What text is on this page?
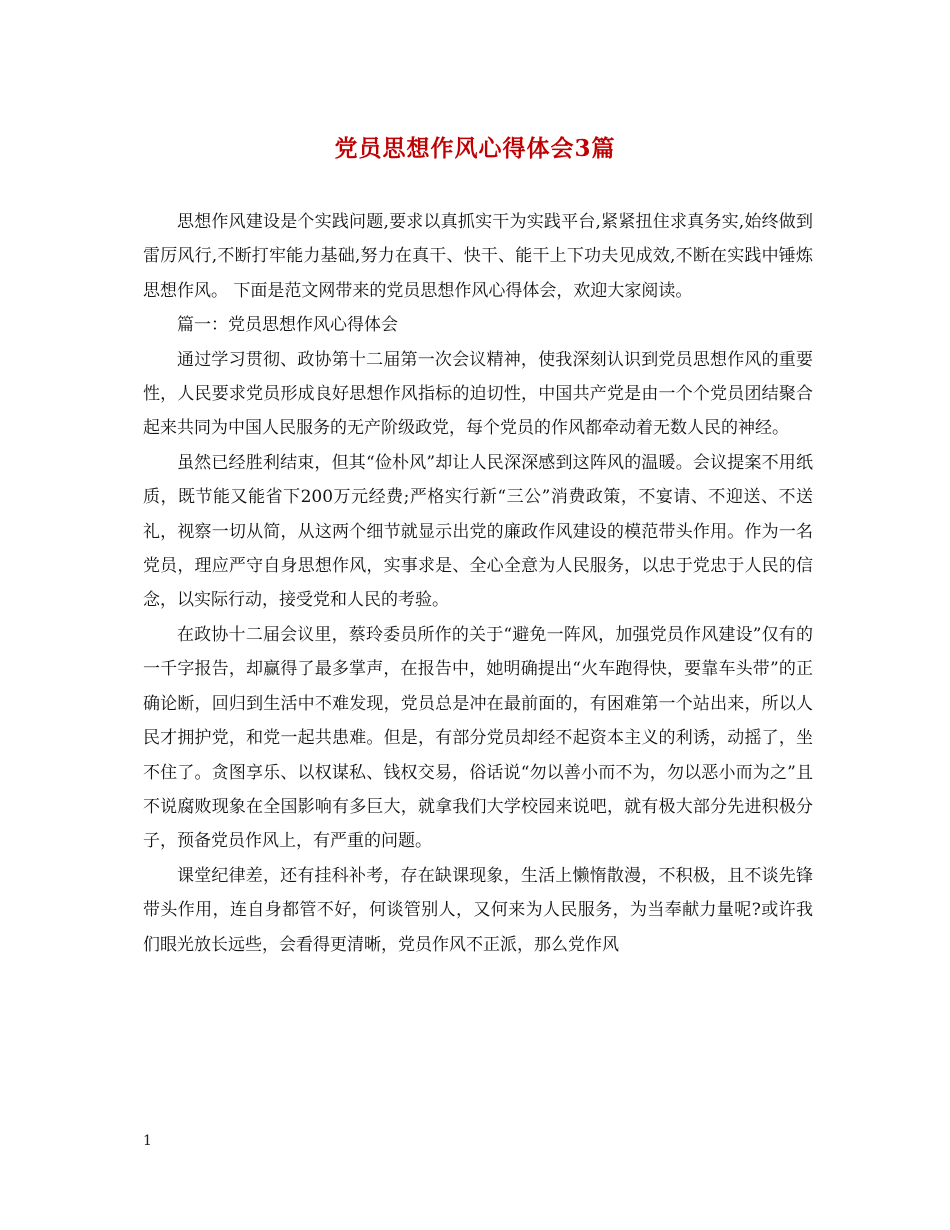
党员思想作风心得体会3篇

思想作风建设是个实践问题,要求以真抓实干为实践平台,紧紧扭住求真务实,始终做到雷厉风行,不断打牢能力基础,努力在真干、快干、能干上下功夫见成效,不断在实践中锤炼思想作风。 下面是范文网带来的党员思想作风心得体会，欢迎大家阅读。

篇一：党员思想作风心得体会

通过学习贯彻、政协第十二届第一次会议精神，使我深刻认识到党员思想作风的重要性，人民要求党员形成良好思想作风指标的迫切性，中国共产党是由一个个党员团结聚合起来共同为中国人民服务的无产阶级政党，每个党员的作风都牵动着无数人民的神经。

虽然已经胜利结束，但其“俭朴风”却让人民深深感到这阵风的温暖。会议提案不用纸质，既节能又能省下200万元经费;严格实行新“三公”消费政策，不宴请、不迎送、不送礼，视察一切从简，从这两个细节就显示出党的廉政作风建设的模范带头作用。作为一名党员，理应严守自身思想作风，实事求是、全心全意为人民服务，以忠于党忠于人民的信念，以实际行动，接受党和人民的考验。

在政协十二届会议里，蔡玲委员所作的关于“避免一阵风，加强党员作风建设”仅有的一千字报告，却赢得了最多掌声，在报告中，她明确提出“火车跑得快，要靠车头带”的正确论断，回归到生活中不难发现，党员总是冲在最前面的，有困难第一个站出来，所以人民才拥护党，和党一起共患难。但是，有部分党员却经不起资本主义的利诱，动摇了，坐不住了。贪图享乐、以权谋私、钱权交易，俗话说“勿以善小而不为，勿以恶小而为之”且不说腐败现象在全国影响有多巨大，就拿我们大学校园来说吧，就有极大部分先进积极分子，预备党员作风上，有严重的问题。

课堂纪律差，还有挂科补考，存在缺课现象，生活上懒惰散漫，不积极，且不谈先锋带头作用，连自身都管不好，何谈管别人，又何来为人民服务，为当奉献力量呢?或许我们眼光放长远些，会看得更清晰，党员作风不正派，那么党作风

1
